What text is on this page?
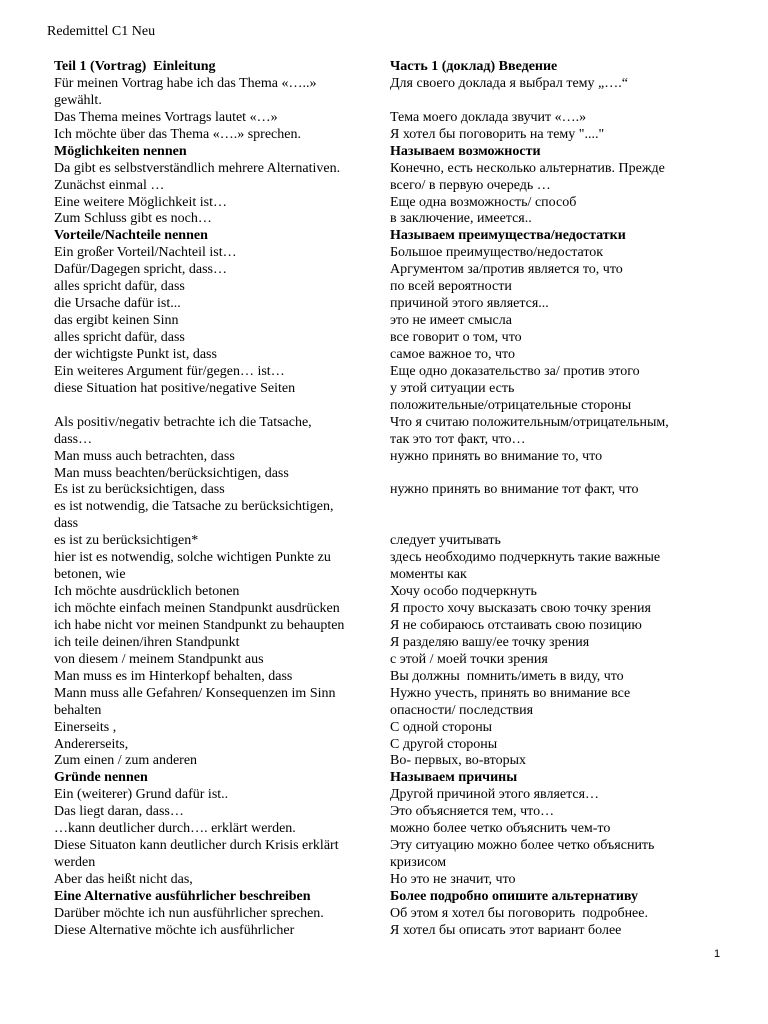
Redemittel C1 Neu
Teil 1 (Vortrag)  Einleitung
Für meinen Vortrag habe ich das Thema «…..»
gewählt.
Das Thema meines Vortrags lautet «…»
Ich möchte über das Thema «….» sprechen.
Möglichkeiten nennen
Da gibt es selbstverständlich mehrere Alternativen.
Zunächst einmal …
Eine weitere Möglichkeit ist…
Zum Schluss gibt es noch…
Vorteile/Nachteile nennen
Ein großer Vorteil/Nachteil ist…
Dafür/Dagegen spricht, dass…
alles spricht dafür, dass
die Ursache dafür ist...
das ergibt keinen Sinn
alles spricht dafür, dass
der wichtigste Punkt ist, dass
Ein weiteres Argument für/gegen… ist…
diese Situation hat positive/negative Seiten
Als positiv/negativ betrachte ich die Tatsache,
dass…
Man muss auch betrachten, dass
Man muss beachten/berücksichtigen, dass
Es ist zu berücksichtigen, dass
es ist notwendig, die Tatsache zu berücksichtigen,
dass
es ist zu berücksichtigen*
hier ist es notwendig, solche wichtigen Punkte zu
betonen, wie
Ich möchte ausdrücklich betonen
ich möchte einfach meinen Standpunkt ausdrücken
ich habe nicht vor meinen Standpunkt zu behaupten
ich teile deinen/ihren Standpunkt
von diesem / meinem Standpunkt aus
Man muss es im Hinterkopf behalten, dass
Mann muss alle Gefahren/ Konsequenzen im Sinn
behalten
Einerseits ,
Andererseits,
Zum einen / zum anderen
Gründe nennen
Ein (weiterer) Grund dafür ist..
Das liegt daran, dass…
…kann deutlicher durch…. erklärt werden.
Diese Situaton kann deutlicher durch Krisis erklärt
werden
Aber das heißt nicht das,
Eine Alternative ausführlicher beschreiben
Darüber möchte ich nun ausführlicher sprechen.
Diese Alternative möchte ich ausführlicher
Часть 1 (доклад) Введение
Для своего доклада я выбрал тему „….“
Тема моего доклада звучит «….»
Я хотел бы поговорить на тему "...."
Называем возможности
Конечно, есть несколько альтернатив. Прежде
всего/ в первую очередь …
Еще одна возможность/ способ
в заключение, имеется..
Называем преимущества/недостатки
Большое преимущество/недостаток
Аргументом за/против является то, что
по всей вероятности
причиной этого является...
это не имеет смысла
все говорит о том, что
самое важное то, что
Еще одно доказательство за/ против этого
у этой ситуации есть
положительные/отрицательные стороны
Что я считаю положительным/отрицательным,
так это тот факт, что…
нужно принять во внимание то, что
нужно принять во внимание тот факт, что
следует учитывать
здесь необходимо подчеркнуть такие важные
моменты как
Хочу особо подчеркнуть
Я просто хочу высказать свою точку зрения
Я не собираюсь отстаивать свою позицию
Я разделяю вашу/ее точку зрения
с этой / моей точки зрения
Вы должны  помнить/иметь в виду, что
Нужно учесть, принять во внимание все
опасности/ последствия
С одной стороны
С другой стороны
Во- первых, во-вторых
Называем причины
Другой причиной этого является…
Это объясняется тем, что…
можно более четко объяснить чем-то
Эту ситуацию можно более четко объяснить
кризисом
Но это не значит, что
Более подробно опишите альтернативу
Об этом я хотел бы поговорить  подробнее.
Я хотел бы описать этот вариант более
1
